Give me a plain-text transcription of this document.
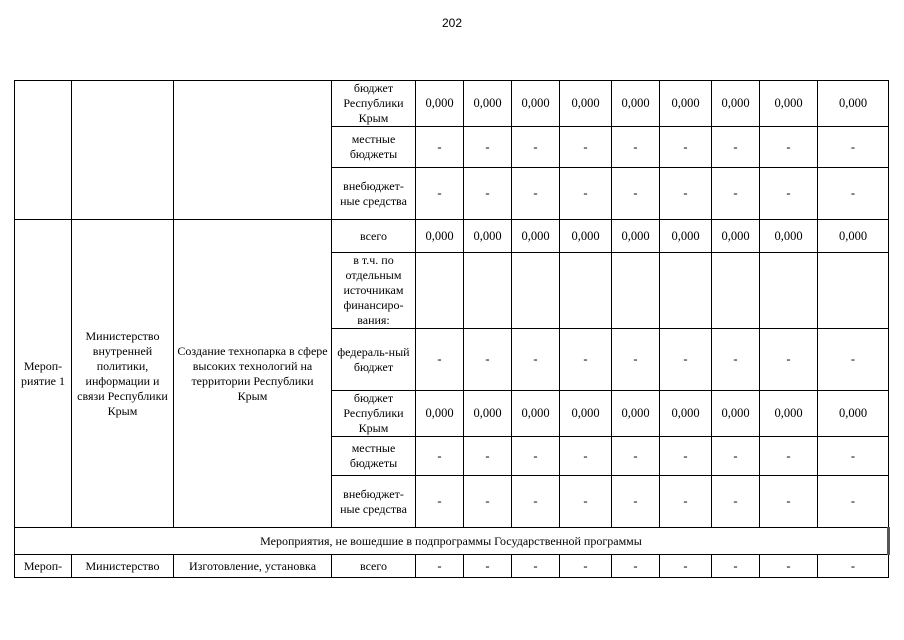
202
			бюджет Республики Крым	0,000	0,000	0,000	0,000	0,000	0,000	0,000	0,000	0,000
			местные бюджеты	-	-	-	-	-	-	-	-	-
			внебюджет-ные средства	-	-	-	-	-	-	-	-	-
Мероп-риятие 1	Министерство внутренней политики, информации и связи Республики Крым	Создание технопарка в сфере высоких технологий на территории Республики Крым	всего	0,000	0,000	0,000	0,000	0,000	0,000	0,000	0,000	0,000
			в т.ч. по отдельным источникам финансиро-вания:									
			федераль-ный бюджет	-	-	-	-	-	-	-	-	-
			бюджет Республики Крым	0,000	0,000	0,000	0,000	0,000	0,000	0,000	0,000	0,000
			местные бюджеты	-	-	-	-	-	-	-	-	-
			внебюджет-ные средства	-	-	-	-	-	-	-	-	-
Мероприятия, не вошедшие в подпрограммы Государственной программы												
Мероп-	Министерство	Изготовление, установка	всего	-	-	-	-	-	-	-	-	-
